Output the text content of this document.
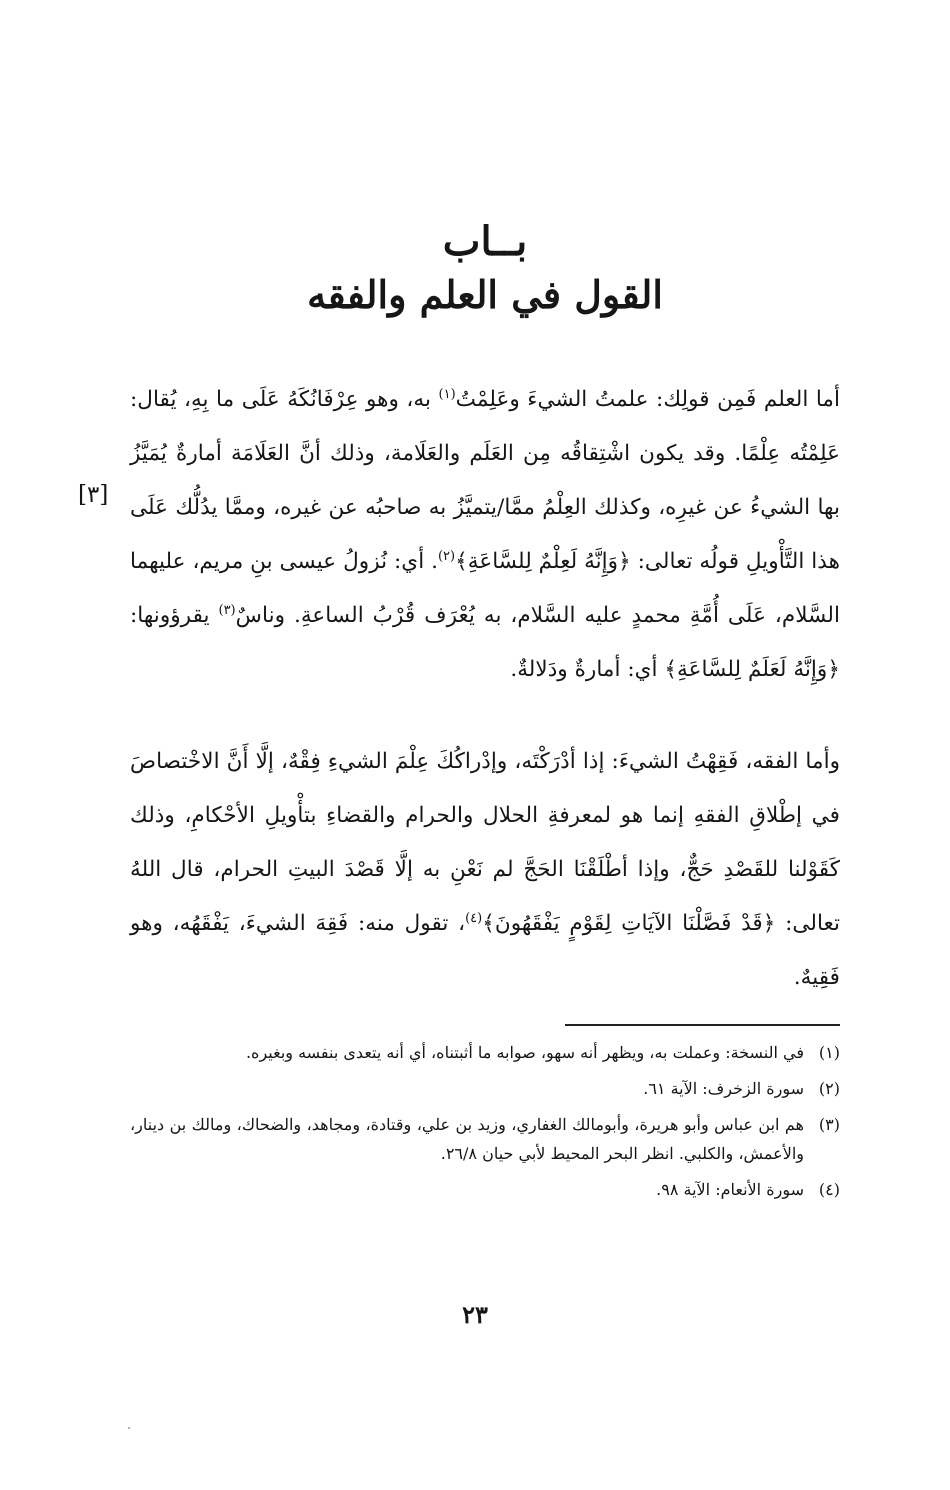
بــاب
القول في العلم والفقه

أما العلم فَمِن قولِك: علمتُ الشيءَ وعَلِمْتُ$^{(١)}$ به، وهو عِرْفَانُكَهُ عَلَى ما بِهِ، يُقال: عَلِمْتُه عِلْمًا. وقد يكون اشْتِقاقُه مِن العَلَم والعَلَامة، وذلك أنَّ العَلَامَة أمارةٌ يُمَيَّزُ بها الشيءُ عن غيرِه، وكذلك العِلْمُ ممَّا/يتميَّزُ به صاحبُه عن غيره، وممَّا يدُلُّك عَلَى هذا التَّأْويلِ قولُه تعالى: ﴿وَإِنَّهُ لَعِلْمٌ لِلسَّاعَةِ﴾$^{(٢)}$. أي: نُزولُ عيسى بنِ مريم، عليهما السَّلام، عَلَى أُمَّةِ محمدٍ عليه السَّلام، به يُعْرَف قُرْبُ الساعةِ. وناسٌ$^{(٣)}$ يقرؤونها: ﴿وَإِنَّهُ لَعَلَمٌ لِلسَّاعَةِ﴾ أي: أمارةٌ ودَلالةٌ.

[٣]

وأما الفقه، فَقِهْتُ الشيءَ: إذا أدْرَكْتَه، وإدْراكُكَ عِلْمَ الشيءِ فِقْهٌ، إلَّا أَنَّ الاخْتصاصَ في إطْلاقِ الفقهِ إنما هو لمعرفةِ الحلال والحرام والقضاءِ بتأْويلِ الأحْكامِ، وذلك كَقَوْلنا للقَصْدِ حَجٌّ، وإذا أطْلَقْنَا الحَجَّ لم نَعْنِ به إلَّا قَصْدَ البيتِ الحرام، قال اللهُ تعالى: ﴿قَدْ فَصَّلْنَا الآيَاتِ لِقَوْمٍ يَفْقَهُونَ﴾$^{(٤)}$، تقول منه: فَقِهَ الشيءَ، يَفْقَهُه، وهو فَقِيهٌ.

(١)
في النسخة: وعملت به، ويظهر أنه سهو، صوابه ما أثبتناه، أي أنه يتعدى بنفسه وبغيره.
(٢)
سورة الزخرف: الآية ٦١.
(٣)
هم ابن عباس وأبو هريرة، وأبومالك الغفاري، وزيد بن علي، وقتادة، ومجاهد، والضحاك، ومالك بن دينار، والأعمش، والكلبي. انظر البحر المحيط لأبي حيان ٢٦/٨.
(٤)
سورة الأنعام: الآية ٩٨.
٢٣
